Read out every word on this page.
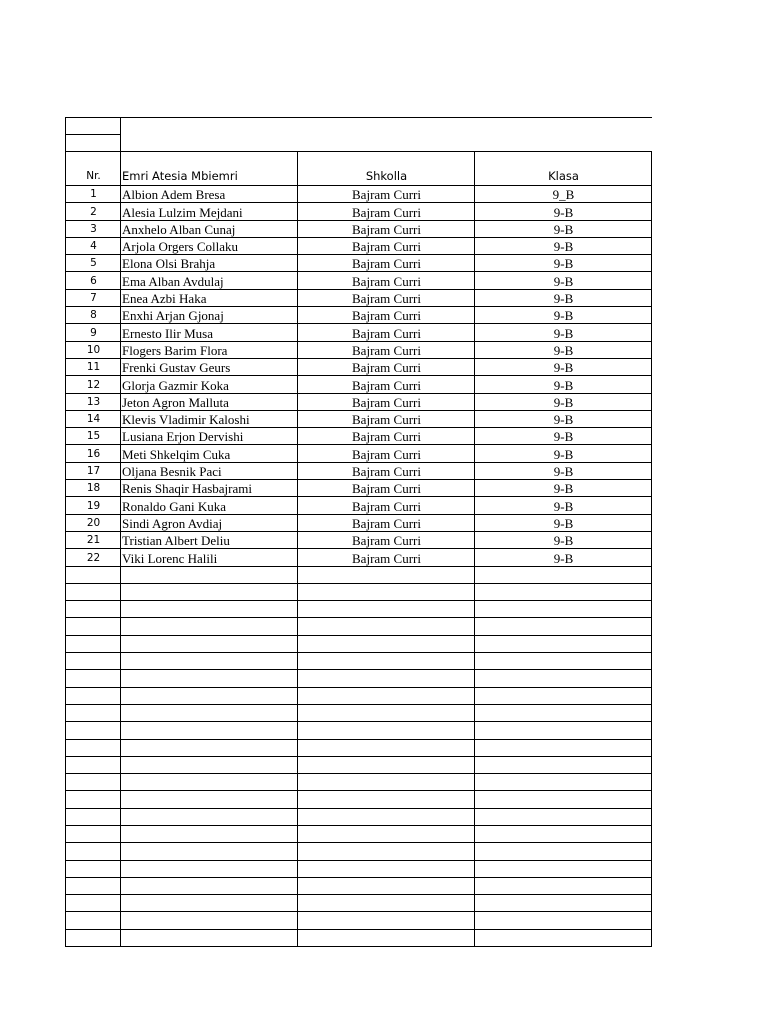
Nr.	Emri Atesia Mbiemri	Shkolla	Klasa
1	Albion Adem Bresa	Bajram Curri	9_B
2	Alesia Lulzim Mejdani	Bajram Curri	9-B
3	Anxhelo Alban Cunaj	Bajram Curri	9-B
4	Arjola Orgers Collaku	Bajram Curri	9-B
5	Elona Olsi Brahja	Bajram Curri	9-B
6	Ema Alban Avdulaj	Bajram Curri	9-B
7	Enea Azbi Haka	Bajram Curri	9-B
8	Enxhi Arjan Gjonaj	Bajram Curri	9-B
9	Ernesto Ilir Musa	Bajram Curri	9-B
10	Flogers Barim Flora	Bajram Curri	9-B
11	Frenki Gustav Geurs	Bajram Curri	9-B
12	Glorja Gazmir Koka	Bajram Curri	9-B
13	Jeton Agron Malluta	Bajram Curri	9-B
14	Klevis Vladimir Kaloshi	Bajram Curri	9-B
15	Lusiana Erjon Dervishi	Bajram Curri	9-B
16	Meti Shkelqim Cuka	Bajram Curri	9-B
17	Oljana Besnik Paci	Bajram Curri	9-B
18	Renis Shaqir Hasbajrami	Bajram Curri	9-B
19	Ronaldo Gani Kuka	Bajram Curri	9-B
20	Sindi Agron Avdiaj	Bajram Curri	9-B
21	Tristian Albert Deliu	Bajram Curri	9-B
22	Viki Lorenc Halili	Bajram Curri	9-B
